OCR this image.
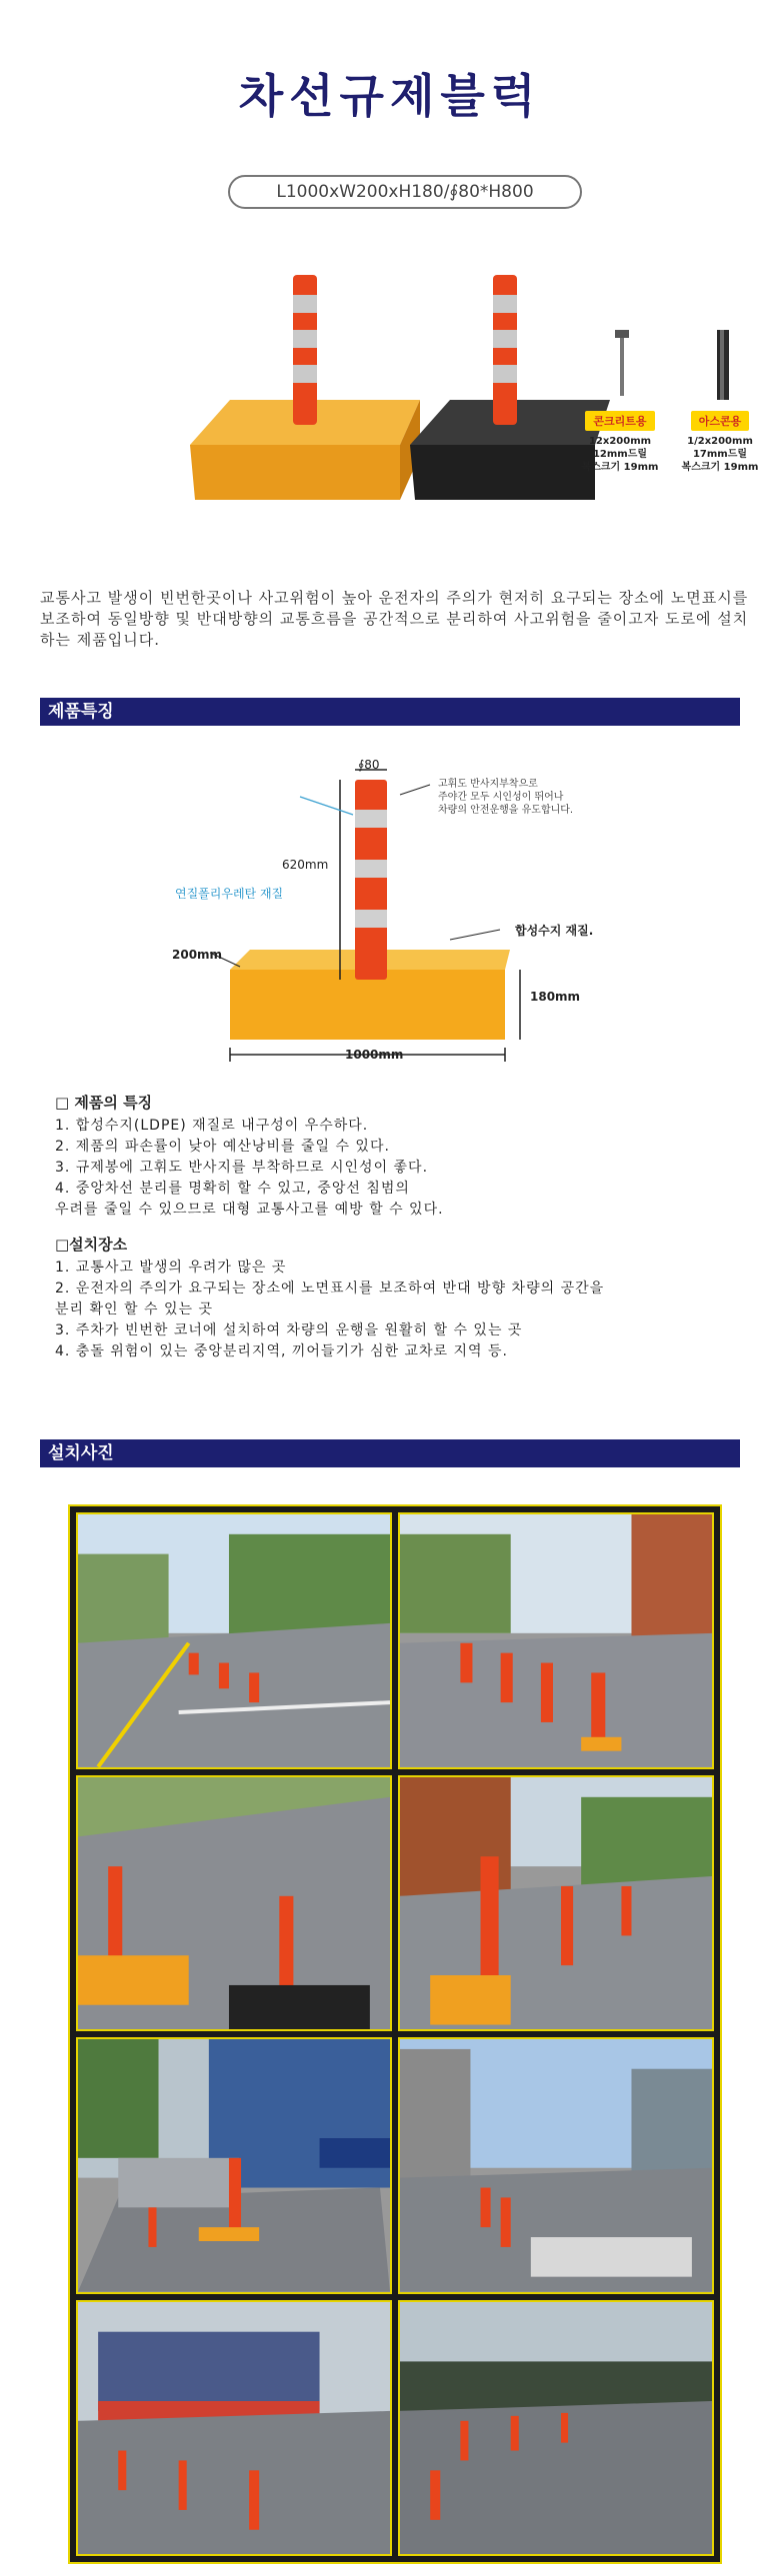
차선규제블럭
L1000xW200xH180/∮80*H800
콘크리트용
12x200mm
12mm드릴
복스크기 19mm
아스콘용
1/2x200mm
17mm드릴
복스크기 19mm
교통사고 발생이 빈번한곳이나 사고위험이 높아 운전자의 주의가 현저히 요구되는 장소에 노면표시를 보조하여 동일방향 및 반대방향의 교통흐름을 공간적으로 분리하여 사고위험을 줄이고자 도로에 설치하는 제품입니다.
제품특징
∮80
고휘도 반사지부착으로
주야간 모두 시인성이 뛰어나
차량의 안전운행을 유도합니다.
620mm
연질폴리우레탄 재질
합성수지 재질.
200mm
180mm
1000mm
□ 제품의 특징
1. 합성수지(LDPE) 재질로 내구성이 우수하다.
2. 제품의 파손률이 낮아 예산낭비를 줄일 수 있다.
3. 규제봉에 고휘도 반사지를 부착하므로 시인성이 좋다.
4. 중앙차선 분리를 명확히 할 수 있고, 중앙선 침범의
우려를 줄일 수 있으므로 대형 교통사고를 예방 할 수 있다.
□설치장소
1. 교통사고 발생의 우려가 많은 곳
2. 운전자의 주의가 요구되는 장소에 노면표시를 보조하여 반대 방향 차량의 공간을
분리 확인 할 수 있는 곳
3. 주차가 빈번한 코너에 설치하여 차량의 운행을 원활히 할 수 있는 곳
4. 충돌 위험이 있는 중앙분리지역, 끼어들기가 심한 교차로 지역 등.
설치사진
